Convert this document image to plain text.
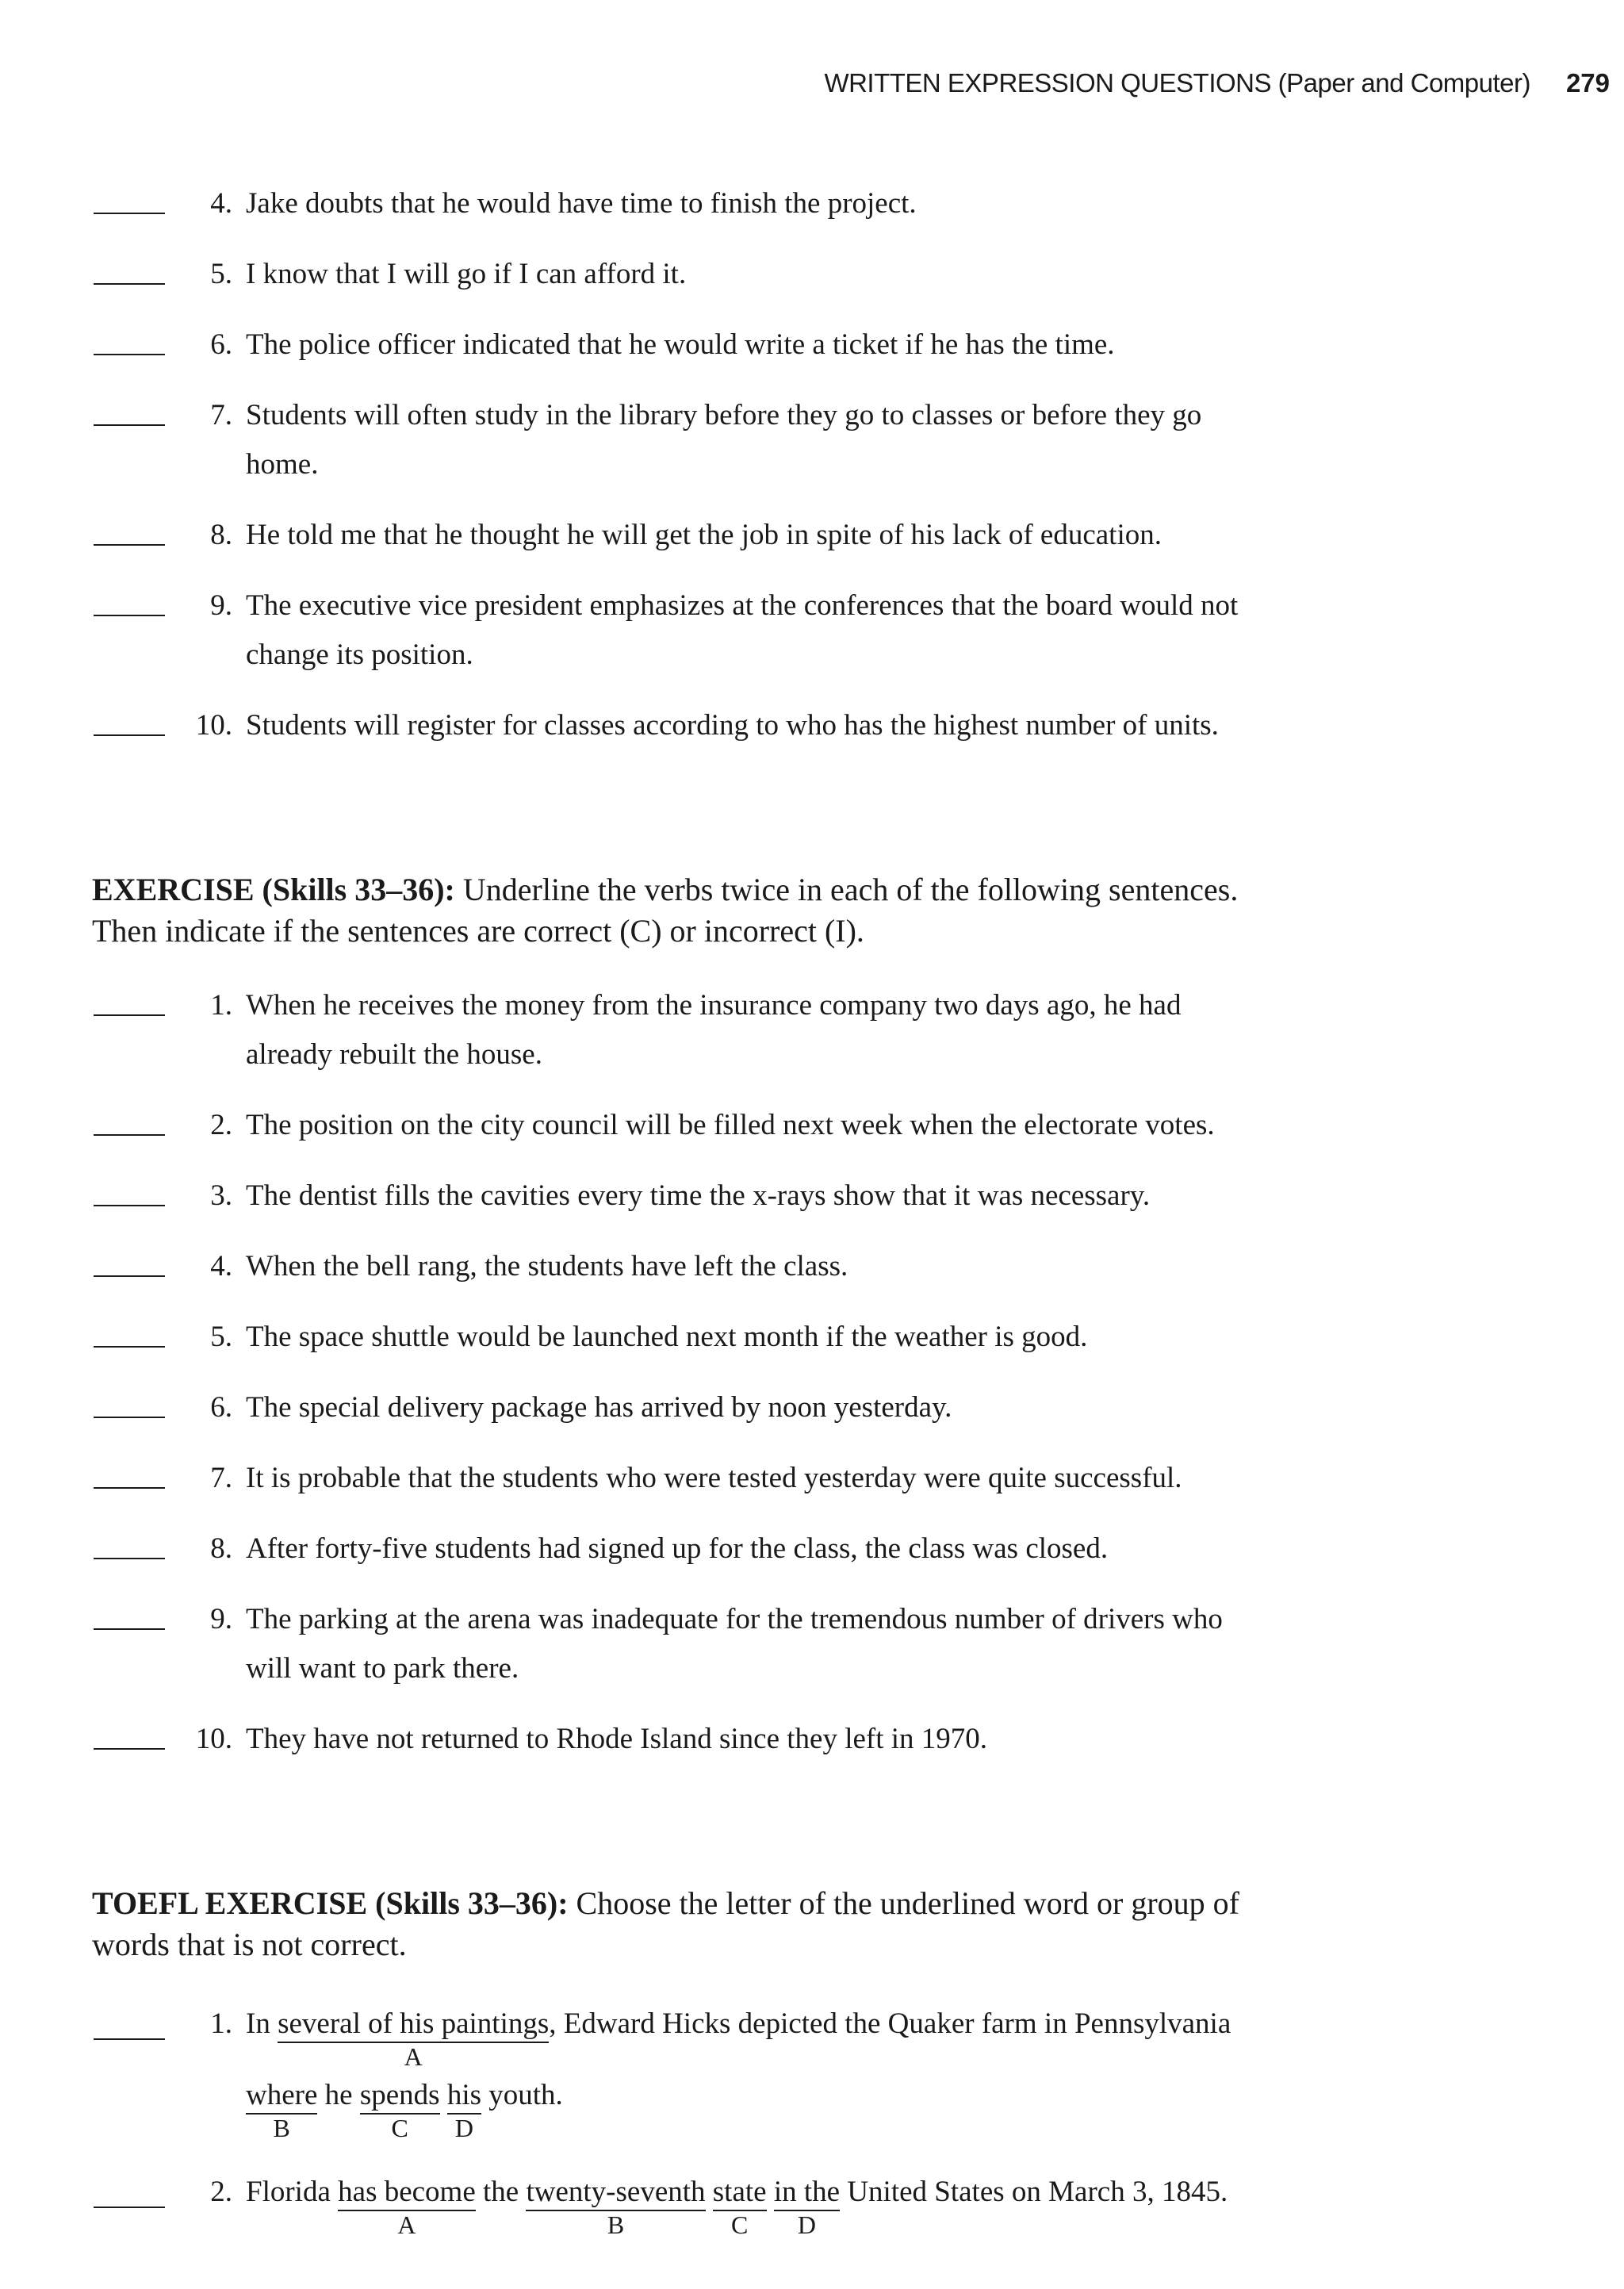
WRITTEN EXPRESSION QUESTIONS (Paper and Computer) 279
4. Jake doubts that he would have time to finish the project.
5. I know that I will go if I can afford it.
6. The police officer indicated that he would write a ticket if he has the time.
7. Students will often study in the library before they go to classes or before they go
home.
8. He told me that he thought he will get the job in spite of his lack of education.
9. The executive vice president emphasizes at the conferences that the board would not
change its position.
10. Students will register for classes according to who has the highest number of units.
EXERCISE (Skills 33–36): Underline the verbs twice in each of the following sentences.
Then indicate if the sentences are correct (C) or incorrect (I).
1. When he receives the money from the insurance company two days ago, he had
already rebuilt the house.
2. The position on the city council will be filled next week when the electorate votes.
3. The dentist fills the cavities every time the x-rays show that it was necessary.
4. When the bell rang, the students have left the class.
5. The space shuttle would be launched next month if the weather is good.
6. The special delivery package has arrived by noon yesterday.
7. It is probable that the students who were tested yesterday were quite successful.
8. After forty-five students had signed up for the class, the class was closed.
9. The parking at the arena was inadequate for the tremendous number of drivers who
will want to park there.
10. They have not returned to Rhode Island since they left in 1970.
TOEFL EXERCISE (Skills 33–36): Choose the letter of the underlined word or group of
words that is not correct.
1. In several of his paintings
A
, Edward Hicks depicted the Quaker farm in Pennsylvania
where
B
he spends
C
his
D
youth.
2. Florida has become
A
the twenty-seventh
B
state
C
in the
D
United States on March 3, 1845.
